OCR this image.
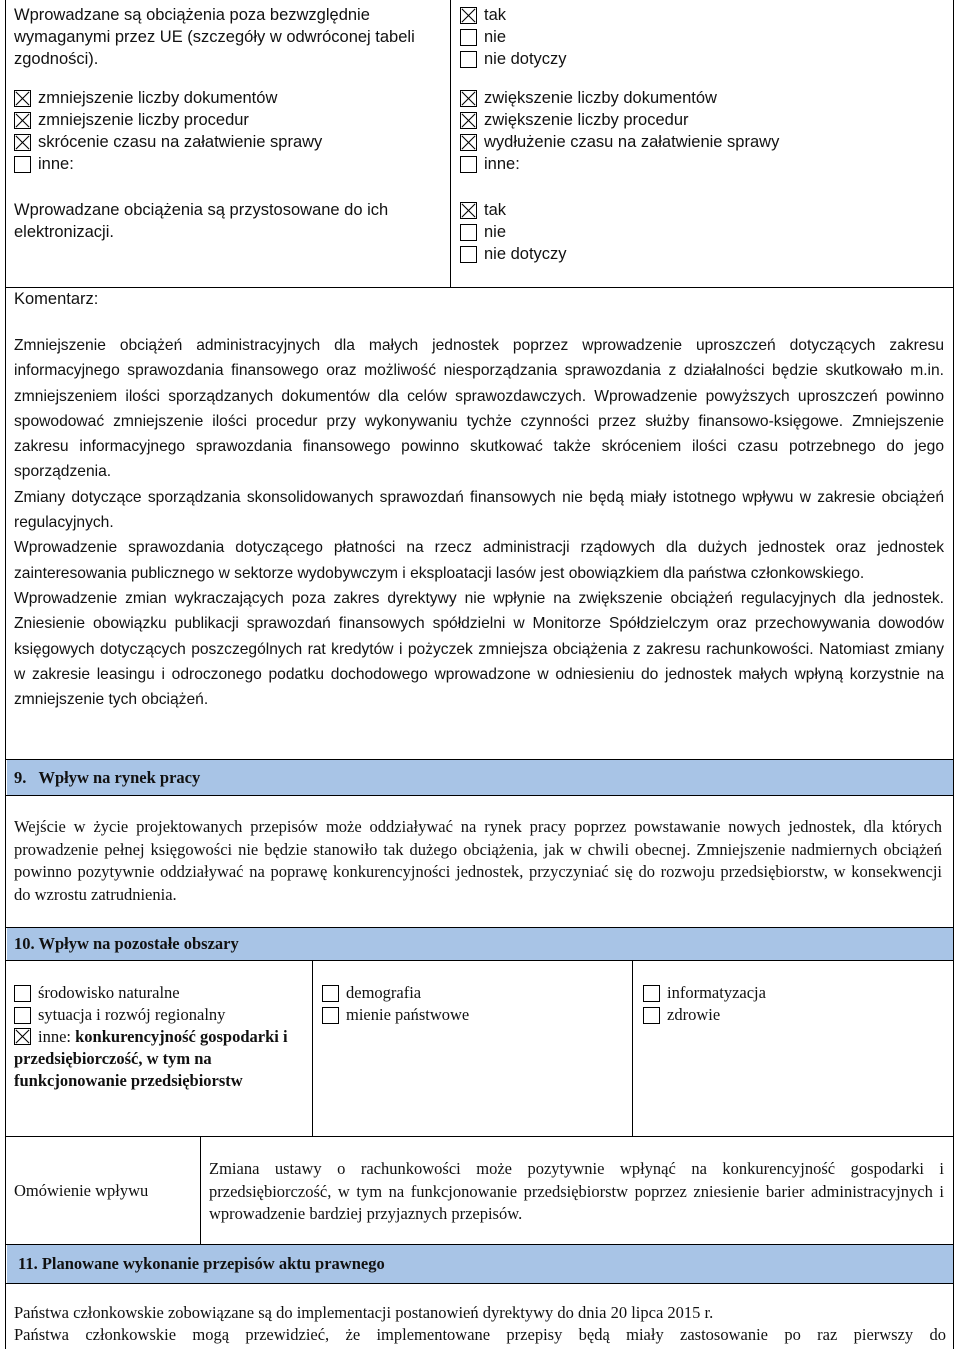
Wprowadzane są obciążenia poza bezwzględnie wymaganymi przez UE (szczegóły w odwróconej tabeli zgodności).

tak
nie
nie dotyczy
zmniejszenie liczby dokumentów
zmniejszenie liczby procedur
skrócenie czasu na załatwienie sprawy
inne:
zwiększenie liczby dokumentów
zwiększenie liczby procedur
wydłużenie czasu na załatwienie sprawy
inne:

Wprowadzane obciążenia są przystosowane do ich elektronizacji.

tak
nie
nie dotyczy
Komentarz:

Zmniejszenie obciążeń administracyjnych dla małych jednostek poprzez wprowadzenie uproszczeń dotyczących zakresu informacyjnego sprawozdania finansowego oraz możliwość niesporządzania sprawozdania z działalności będzie skutkowało m.in. zmniejszeniem ilości sporządzanych dokumentów dla celów sprawozdawczych. Wprowadzenie powyższych uproszczeń powinno spowodować zmniejszenie ilości procedur przy wykonywaniu tychże czynności przez służby finansowo-księgowe. Zmniejszenie zakresu informacyjnego sprawozdania finansowego powinno skutkować także skróceniem ilości czasu potrzebnego do jego sporządzenia.

Zmiany dotyczące sporządzania skonsolidowanych sprawozdań finansowych nie będą miały istotnego wpływu w zakresie obciążeń regulacyjnych.

Wprowadzenie sprawozdania dotyczącego płatności na rzecz administracji rządowych dla dużych jednostek oraz jednostek zainteresowania publicznego w sektorze wydobywczym i eksploatacji lasów jest obowiązkiem dla państwa członkowskiego.

Wprowadzenie zmian wykraczających poza zakres dyrektywy nie wpłynie na zwiększenie obciążeń regulacyjnych dla jednostek. Zniesienie obowiązku publikacji sprawozdań finansowych spółdzielni w Monitorze Spółdzielczym oraz przechowywania dowodów księgowych dotyczących poszczególnych rat kredytów i pożyczek zmniejsza obciążenia z zakresu rachunkowości. Natomiast zmiany w zakresie leasingu i odroczonego podatku dochodowego wprowadzone w odniesieniu do jednostek małych wpłyną korzystnie na zmniejszenie tych obciążeń.

9.   Wpływ na rynek pracy

Wejście w życie projektowanych przepisów może oddziaływać na rynek pracy poprzez powstawanie nowych jednostek, dla których prowadzenie pełnej księgowości nie będzie stanowiło tak dużego obciążenia, jak w chwili obecnej. Zmniejszenie nadmiernych obciążeń powinno pozytywnie oddziaływać na poprawę konkurencyjności jednostek, przyczyniać się do rozwoju przedsiębiorstw, w konsekwencji do wzrostu zatrudnienia.

10. Wpływ na pozostałe obszary
środowisko naturalne
sytuacja i rozwój regionalny
inne: konkurencyjność gospodarki i przedsiębiorczość, w tym na funkcjonowanie przedsiębiorstw
demografia
mienie państwowe
informatyzacja
zdrowie
Omówienie wpływu

Zmiana ustawy o rachunkowości może pozytywnie wpłynąć na konkurencyjność gospodarki i przedsiębiorczość, w tym na funkcjonowanie przedsiębiorstw poprzez zniesienie barier administracyjnych i wprowadzenie bardziej przyjaznych przepisów.

11. Planowane wykonanie przepisów aktu prawnego

Państwa członkowskie zobowiązane są do implementacji postanowień dyrektywy do dnia 20 lipca 2015 r.

Państwa członkowskie mogą przewidzieć, że implementowane przepisy będą miały zastosowanie po raz pierwszy do
